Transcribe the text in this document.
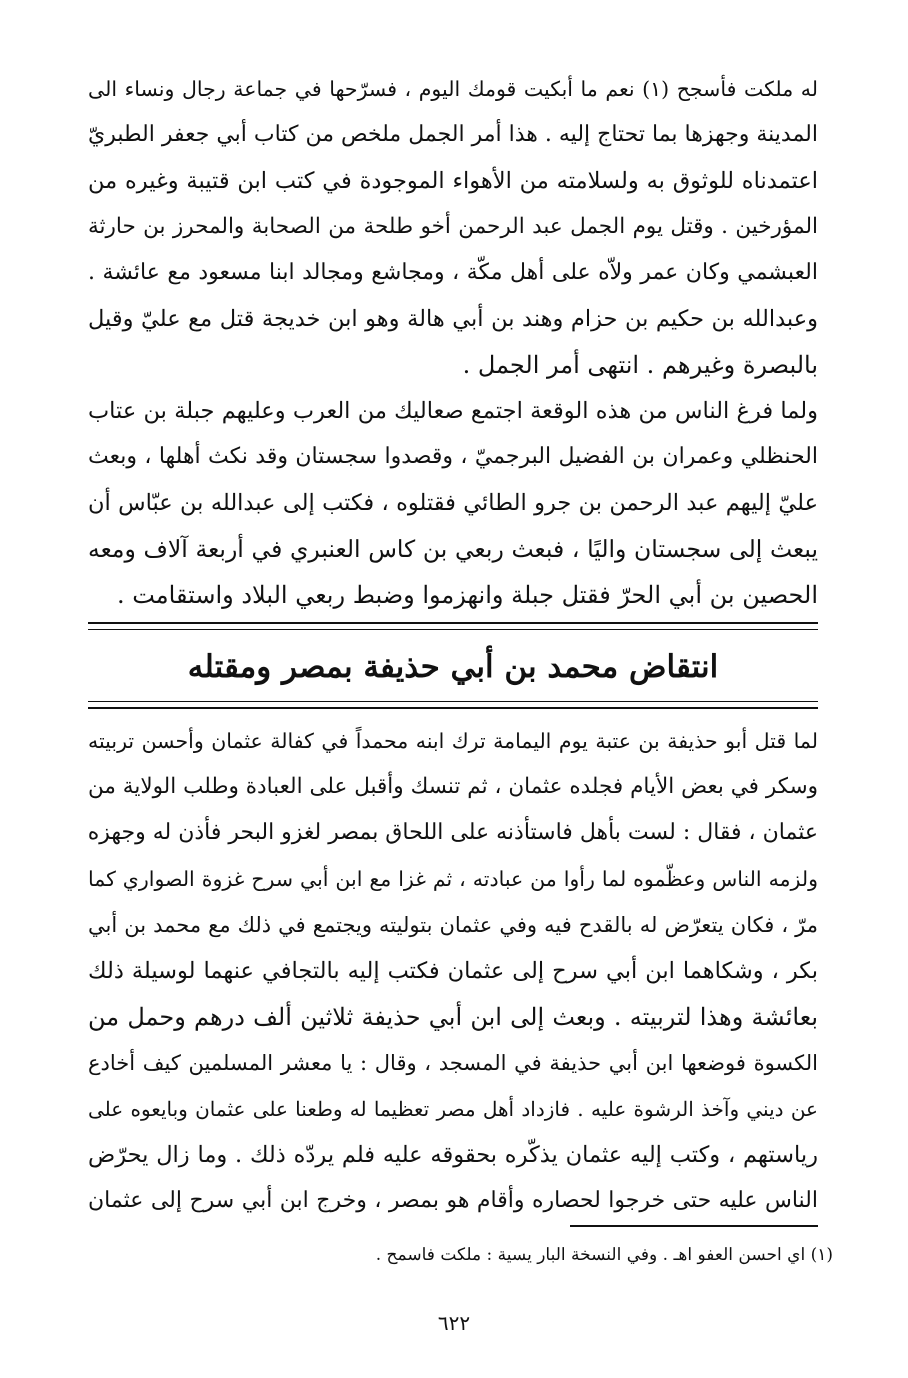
له ملكت فأسجح (١) نعم ما أبكيت قومك اليوم ، فسرّحها في جماعة رجال ونساء الى
المدينة وجهزها بما تحتاج إليه . هذا أمر الجمل ملخص من كتاب أبي جعفر الطبريّ
اعتمدناه للوثوق به ولسلامته من الأهواء الموجودة في كتب ابن قتيبة وغيره من
المؤرخين . وقتل يوم الجمل عبد الرحمن أخو طلحة من الصحابة والمحرز بن حارثة
العبشمي وكان عمر ولاّه على أهل مكّة ، ومجاشع ومجالد ابنا مسعود مع عائشة .
وعبدالله بن حكيم بن حزام وهند بن أبي هالة وهو ابن خديجة قتل مع عليّ وقيل
بالبصرة وغيرهم . انتهى أمر الجمل .
ولما فرغ الناس من هذه الوقعة اجتمع صعاليك من العرب وعليهم جبلة بن عتاب
الحنظلي وعمران بن الفضيل البرجميّ ، وقصدوا سجستان وقد نكث أهلها ، وبعث
عليّ إليهم عبد الرحمن بن جرو الطائي فقتلوه ، فكتب إلى عبدالله بن عبّاس أن
يبعث إلى سجستان واليًا ، فبعث ربعي بن كاس العنبري في أربعة آلاف ومعه
الحصين بن أبي الحرّ فقتل جبلة وانهزموا وضبط ربعي البلاد واستقامت .
انتقاض محمد بن أبي حذيفة بمصر ومقتله
لما قتل أبو حذيفة بن عتبة يوم اليمامة ترك ابنه محمداً في كفالة عثمان وأحسن تربيته
وسكر في بعض الأيام فجلده عثمان ، ثم تنسك وأقبل على العبادة وطلب الولاية من
عثمان ، فقال : لست بأهل فاستأذنه على اللحاق بمصر لغزو البحر فأذن له وجهزه
ولزمه الناس وعظّموه لما رأوا من عبادته ، ثم غزا مع ابن أبي سرح غزوة الصواري كما
مرّ ، فكان يتعرّض له بالقدح فيه وفي عثمان بتوليته ويجتمع في ذلك مع محمد بن أبي
بكر ، وشكاهما ابن أبي سرح إلى عثمان فكتب إليه بالتجافي عنهما لوسيلة ذلك
بعائشة وهذا لتربيته . وبعث إلى ابن أبي حذيفة ثلاثين ألف درهم وحمل من
الكسوة فوضعها ابن أبي حذيفة في المسجد ، وقال : يا معشر المسلمين كيف أخادع
عن ديني وآخذ الرشوة عليه . فازداد أهل مصر تعظيما له وطعنا على عثمان وبايعوه على
رياستهم ، وكتب إليه عثمان يذكّره بحقوقه عليه فلم يردّه ذلك . وما زال يحرّض
الناس عليه حتى خرجوا لحصاره وأقام هو بمصر ، وخرج ابن أبي سرح إلى عثمان
(١) اي احسن العفو اهـ . وفي النسخة البار يسية : ملكت فاسمح .
٦٢٢
